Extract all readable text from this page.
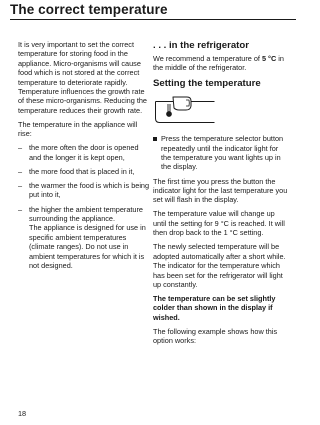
The correct temperature

It is very important to set the correct temperature for storing food in the appliance. Micro-organisms will cause food which is not stored at the correct temperature to deteriorate rapidly. Temperature influences the growth rate of these micro-organisms. Reducing the temperature reduces their growth rate.

The temperature in the appliance will rise:

– the more often the door is opened and the longer it is kept open,
– the more food that is placed in it,
– the warmer the food is which is being put into it,
– the higher the ambient temperature surrounding the appliance.
The appliance is designed for use in specific ambient temperatures (climate ranges). Do not use in ambient temperatures for which it is not designed.
. . . in the refrigerator

We recommend a temperature of 5 °C in the middle of the refrigerator.

Setting the temperature
Press the temperature selector button repeatedly until the indicator light for the temperature you want lights up in the display.

The first time you press the button the indicator light for the last temperature you set will flash in the display.

The temperature value will change up until the setting for 9 °C is reached. It will then drop back to the 1 °C setting.

The newly selected temperature will be adopted automatically after a short while.
The indicator for the temperature which has been set for the refrigerator will light up constantly.

The temperature can be set slightly colder than shown in the display if wished.

The following example shows how this option works:

18
